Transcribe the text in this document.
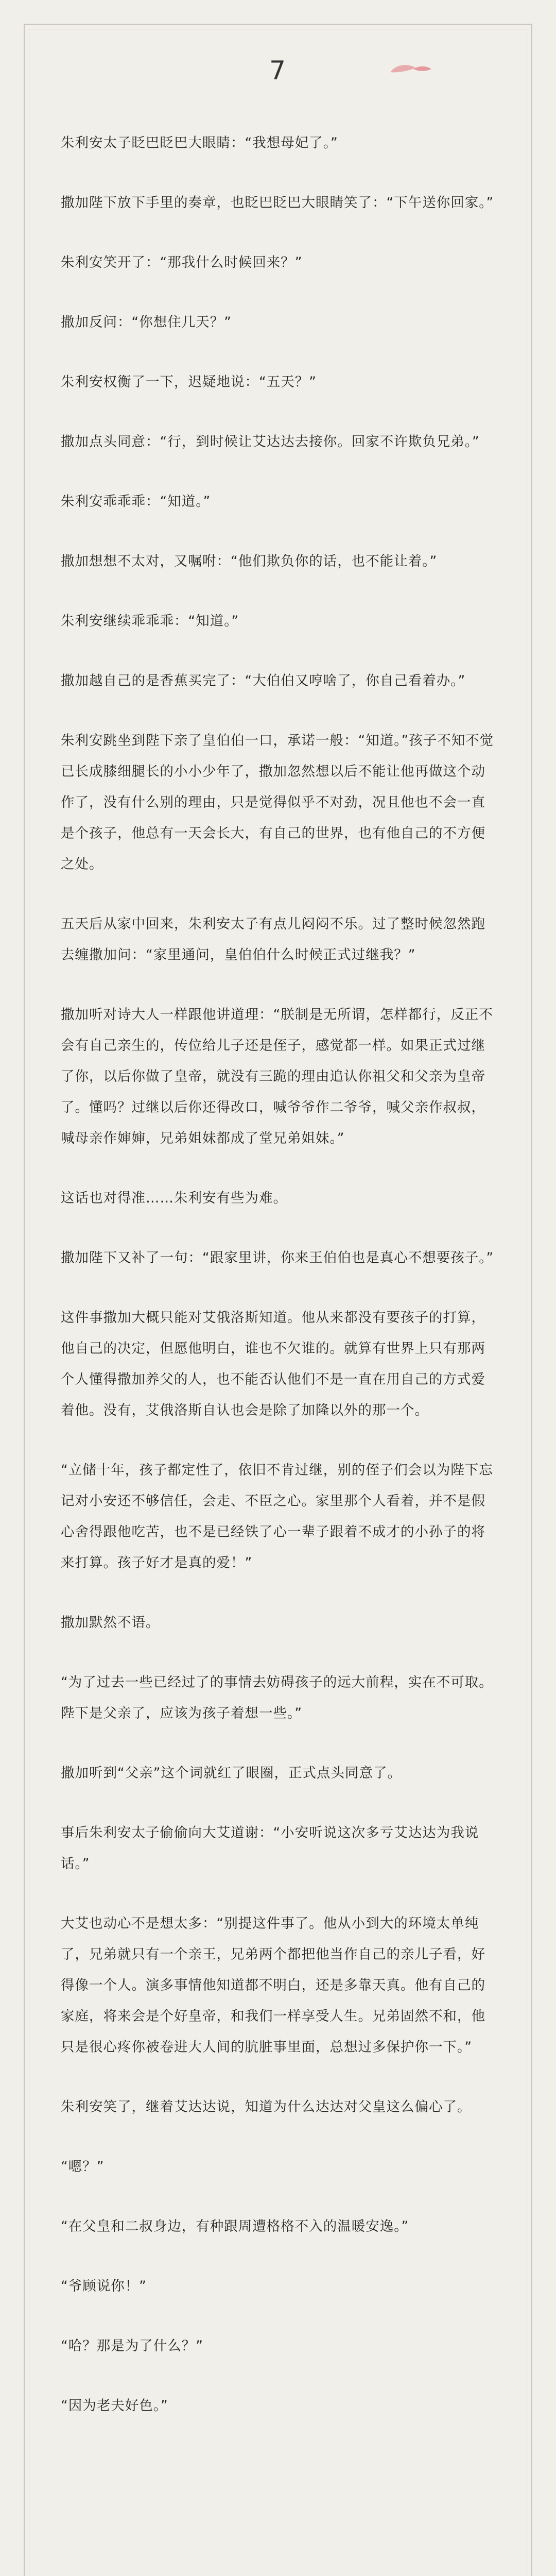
7

朱利安太子眨巴眨巴大眼睛：“我想母妃了。”

撒加陛下放下手里的奏章，也眨巴眨巴大眼睛笑了：“下午送你回家。”

朱利安笑开了：“那我什么时候回来？”

撒加反问：“你想住几天？”

朱利安权衡了一下，迟疑地说：“五天？”

撒加点头同意：“行，到时候让艾达达去接你。回家不许欺负兄弟。”

朱利安乖乖乖：“知道。”

撒加想想不太对，又嘱咐：“他们欺负你的话，也不能让着。”

朱利安继续乖乖乖：“知道。”

撒加越自己的是香蕉买完了：“大伯伯又哼啥了，你自己看着办。”

朱利安跳坐到陛下亲了皇伯伯一口，承诺一般：“知道。”孩子不知不觉已长成膝细腿长的小小少年了，撒加忽然想以后不能让他再做这个动作了，没有什么别的理由，只是觉得似乎不对劲，况且他也不会一直是个孩子，他总有一天会长大，有自己的世界，也有他自己的不方便之处。

五天后从家中回来，朱利安太子有点儿闷闷不乐。过了整时候忽然跑去缠撒加问：“家里通问，皇伯伯什么时候正式过继我？”

撒加听对诗大人一样跟他讲道理：“朕制是无所谓，怎样都行，反正不会有自己亲生的，传位给儿子还是侄子，感觉都一样。如果正式过继了你，以后你做了皇帝，就没有三跪的理由追认你祖父和父亲为皇帝了。懂吗？过继以后你还得改口，喊爷爷作二爷爷，喊父亲作叔叔，喊母亲作婶婶，兄弟姐妹都成了堂兄弟姐妹。”

这话也对得准……朱利安有些为难。

撒加陛下又补了一句：“跟家里讲，你来王伯伯也是真心不想要孩子。”

这件事撒加大概只能对艾俄洛斯知道。他从来都没有要孩子的打算，他自己的决定，但愿他明白，谁也不欠谁的。就算有世界上只有那两个人懂得撒加养父的人，也不能否认他们不是一直在用自己的方式爱着他。没有，艾俄洛斯自认也会是除了加隆以外的那一个。

“立储十年，孩子都定性了，依旧不肯过继，别的侄子们会以为陛下忘记对小安还不够信任，会走、不臣之心。家里那个人看着，并不是假心舍得跟他吃苦，也不是已经铁了心一辈子跟着不成才的小孙子的将来打算。孩子好才是真的爱！”

撒加默然不语。

“为了过去一些已经过了的事情去妨碍孩子的远大前程，实在不可取。陛下是父亲了，应该为孩子着想一些。”

撒加听到“父亲”这个词就红了眼圈，正式点头同意了。

事后朱利安太子偷偷向大艾道谢：“小安听说这次多亏艾达达为我说话。”

大艾也动心不是想太多：“别提这件事了。他从小到大的环境太单纯了，兄弟就只有一个亲王，兄弟两个都把他当作自己的亲儿子看，好得像一个人。演多事情他知道都不明白，还是多靠天真。他有自己的家庭，将来会是个好皇帝，和我们一样享受人生。兄弟固然不和，他只是很心疼你被卷进大人间的肮脏事里面，总想过多保护你一下。”

朱利安笑了，继着艾达达说，知道为什么达达对父皇这么偏心了。

“嗯？”

“在父皇和二叔身边，有种跟周遭格格不入的温暖安逸。”

“爷顾说你！”

“哈？那是为了什么？”

“因为老夫好色。”
